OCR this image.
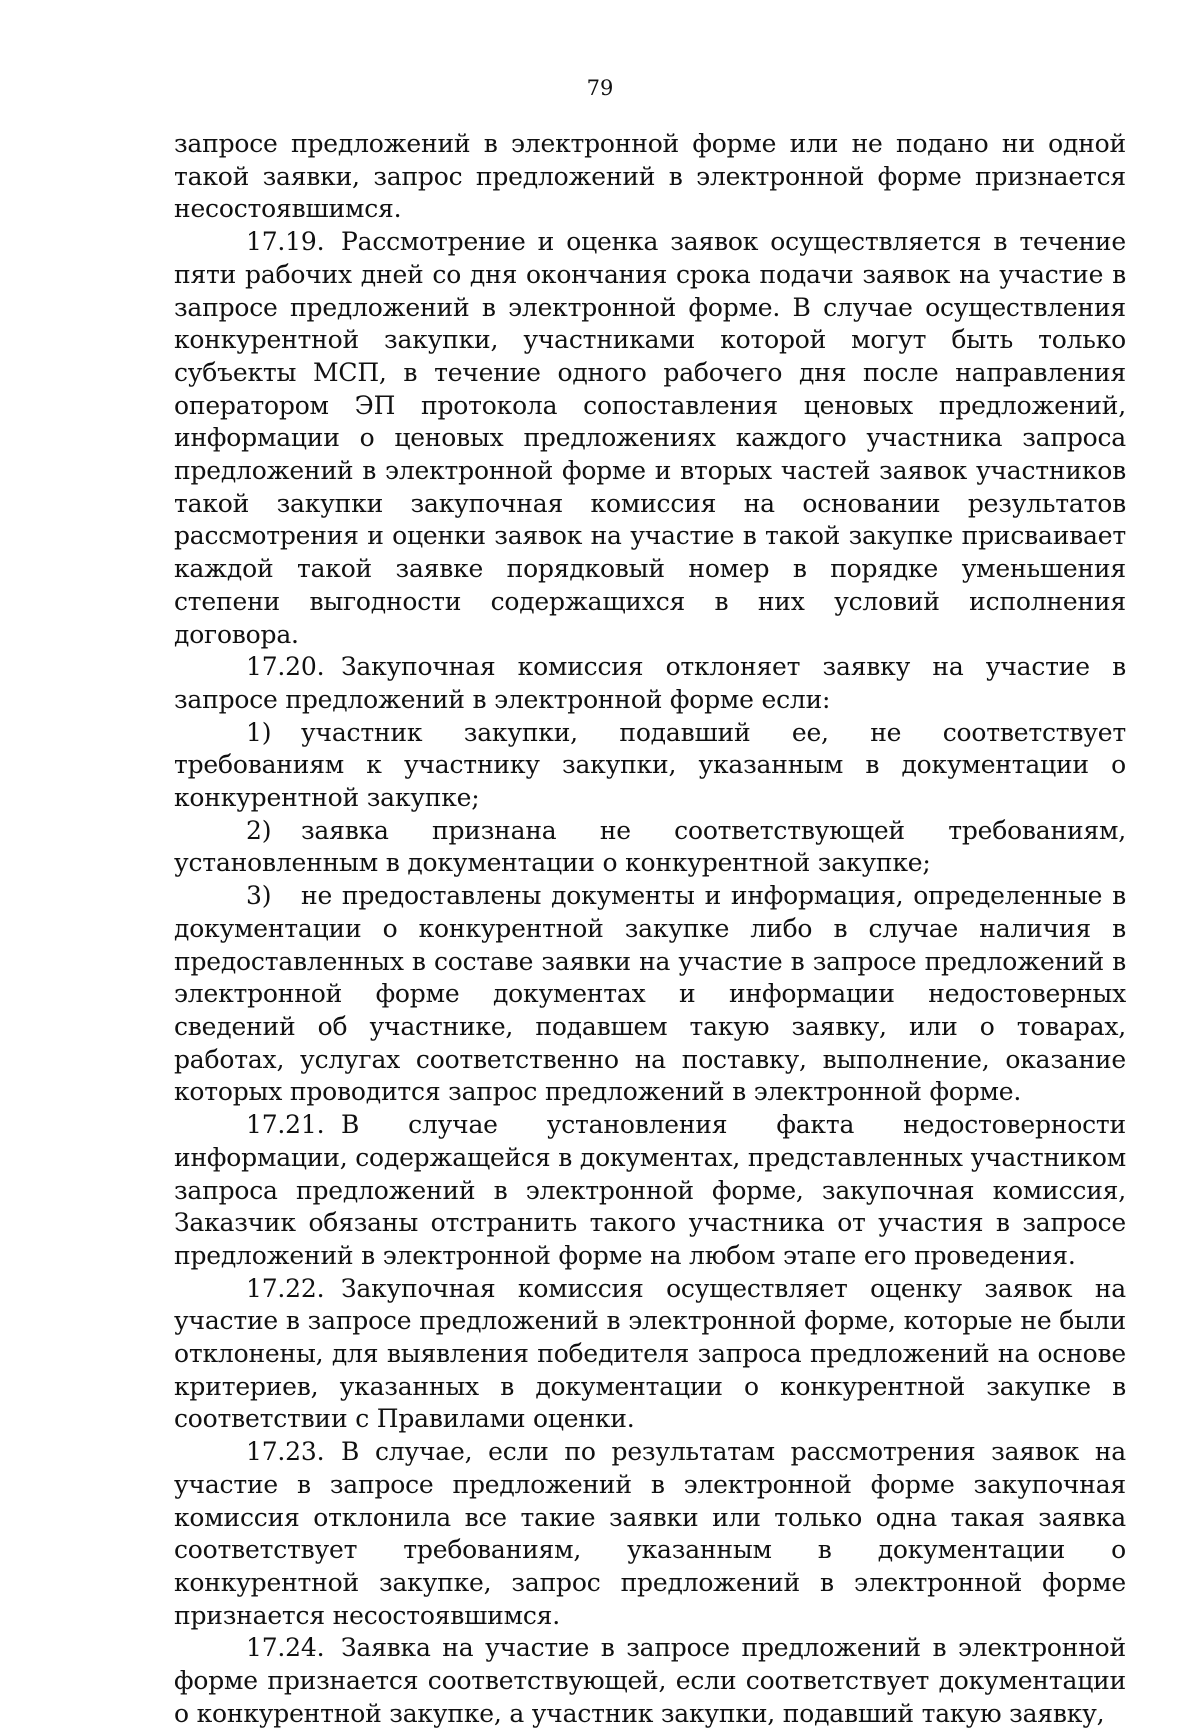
79

запросе предложений в электронной форме или не подано ни одной такой заявки, запрос предложений в электронной форме признается несостоявшимся.

17.19. Рассмотрение и оценка заявок осуществляется в течение пяти рабочих дней со дня окончания срока подачи заявок на участие в запросе предложений в электронной форме. В случае осуществления конкурентной закупки, участниками которой могут быть только субъекты МСП, в течение одного рабочего дня после направления оператором ЭП протокола сопоставления ценовых предложений, информации о ценовых предложениях каждого участника запроса предложений в электронной форме и вторых частей заявок участников такой закупки закупочная комиссия на основании результатов рассмотрения и оценки заявок на участие в такой закупке присваивает каждой такой заявке порядковый номер в порядке уменьшения степени выгодности содержащихся в них условий исполнения договора.

17.20. Закупочная комиссия отклоняет заявку на участие в запросе предложений в электронной форме если:

1) участник закупки, подавший ее, не соответствует требованиям к участнику закупки, указанным в документации о конкурентной закупке;

2) заявка признана не соответствующей требованиям, установленным в документации о конкурентной закупке;

3) не предоставлены документы и информация, определенные в документации о конкурентной закупке либо в случае наличия в предоставленных в составе заявки на участие в запросе предложений в электронной форме документах и информации недостоверных сведений об участнике, подавшем такую заявку, или о товарах, работах, услугах соответственно на поставку, выполнение, оказание которых проводится запрос предложений в электронной форме.

17.21. В случае установления факта недостоверности информации, содержащейся в документах, представленных участником запроса предложений в электронной форме, закупочная комиссия, Заказчик обязаны отстранить такого участника от участия в запросе предложений в электронной форме на любом этапе его проведения.

17.22. Закупочная комиссия осуществляет оценку заявок на участие в запросе предложений в электронной форме, которые не были отклонены, для выявления победителя запроса предложений на основе критериев, указанных в документации о конкурентной закупке в соответствии с Правилами оценки.

17.23. В случае, если по результатам рассмотрения заявок на участие в запросе предложений в электронной форме закупочная комиссия отклонила все такие заявки или только одна такая заявка соответствует требованиям, указанным в документации о конкурентной закупке, запрос предложений в электронной форме признается несостоявшимся.

17.24. Заявка на участие в запросе предложений в электронной форме признается соответствующей, если соответствует документации о конкурентной закупке, а участник закупки, подавший такую заявку,
